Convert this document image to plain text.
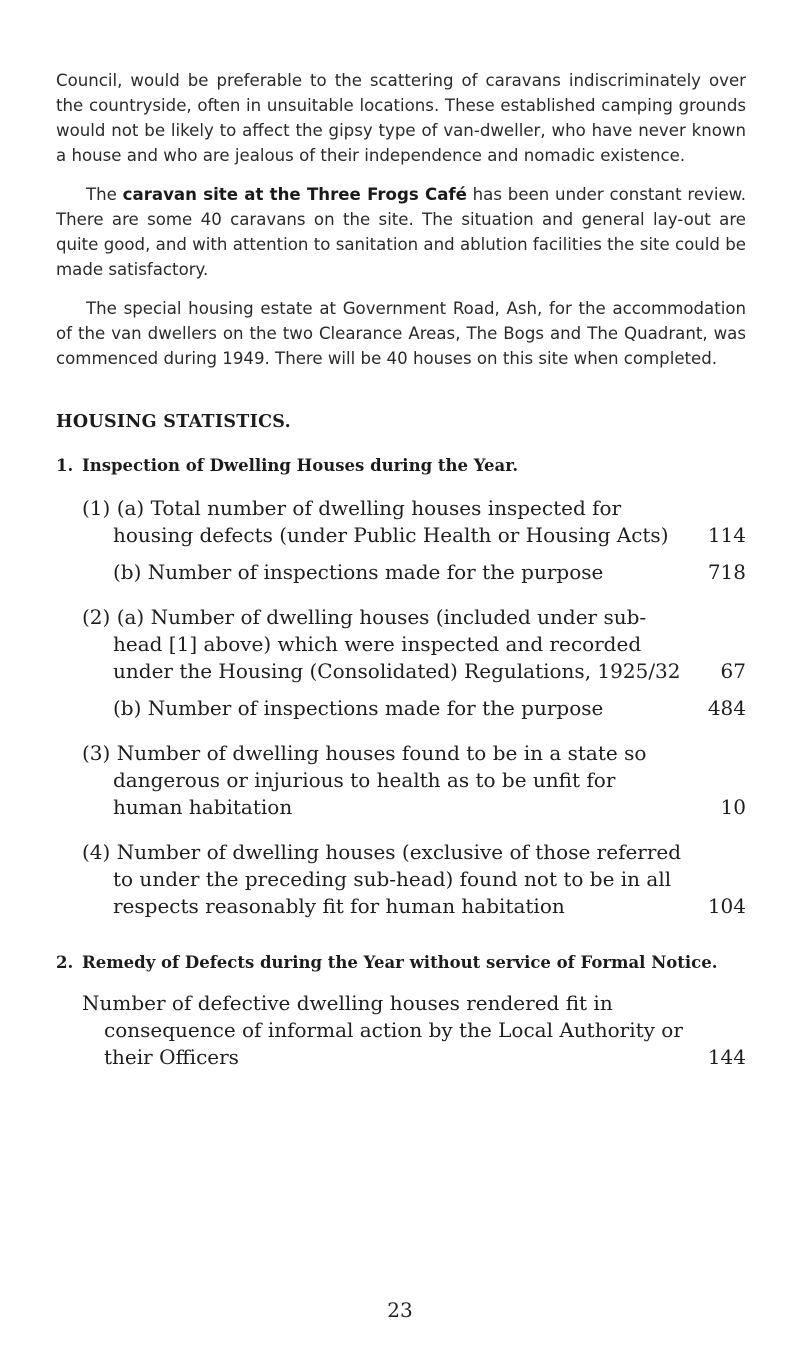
Council, would be preferable to the scattering of caravans indiscriminately over the countryside, often in unsuitable locations. These established camping grounds would not be likely to affect the gipsy type of van-dweller, who have never known a house and who are jealous of their independence and nomadic existence.

The caravan site at the Three Frogs Café has been under constant review. There are some 40 caravans on the site. The situation and general lay-out are quite good, and with attention to sanitation and ablution facilities the site could be made satisfactory.

The special housing estate at Government Road, Ash, for the accommodation of the van dwellers on the two Clearance Areas, The Bogs and The Quadrant, was commenced during 1949. There will be 40 houses on this site when completed.

HOUSING STATISTICS.
1. Inspection of Dwelling Houses during the Year.
(1) (a) Total number of dwelling houses inspected for housing defects (under Public Health or Housing Acts)	114
(b) Number of inspections made for the purpose	718
(2) (a) Number of dwelling houses (included under sub-head [1] above) which were inspected and recorded under the Housing (Consolidated) Regulations, 1925/32	67
(b) Number of inspections made for the purpose	484
(3) Number of dwelling houses found to be in a state so dangerous or injurious to health as to be unfit for human habitation	10
(4) Number of dwelling houses (exclusive of those referred to under the preceding sub-head) found not to be in all respects reasonably fit for human habitation	104
2. Remedy of Defects during the Year without service of Formal Notice.
Number of defective dwelling houses rendered fit in consequence of informal action by the Local Authority or their Officers	144
23
